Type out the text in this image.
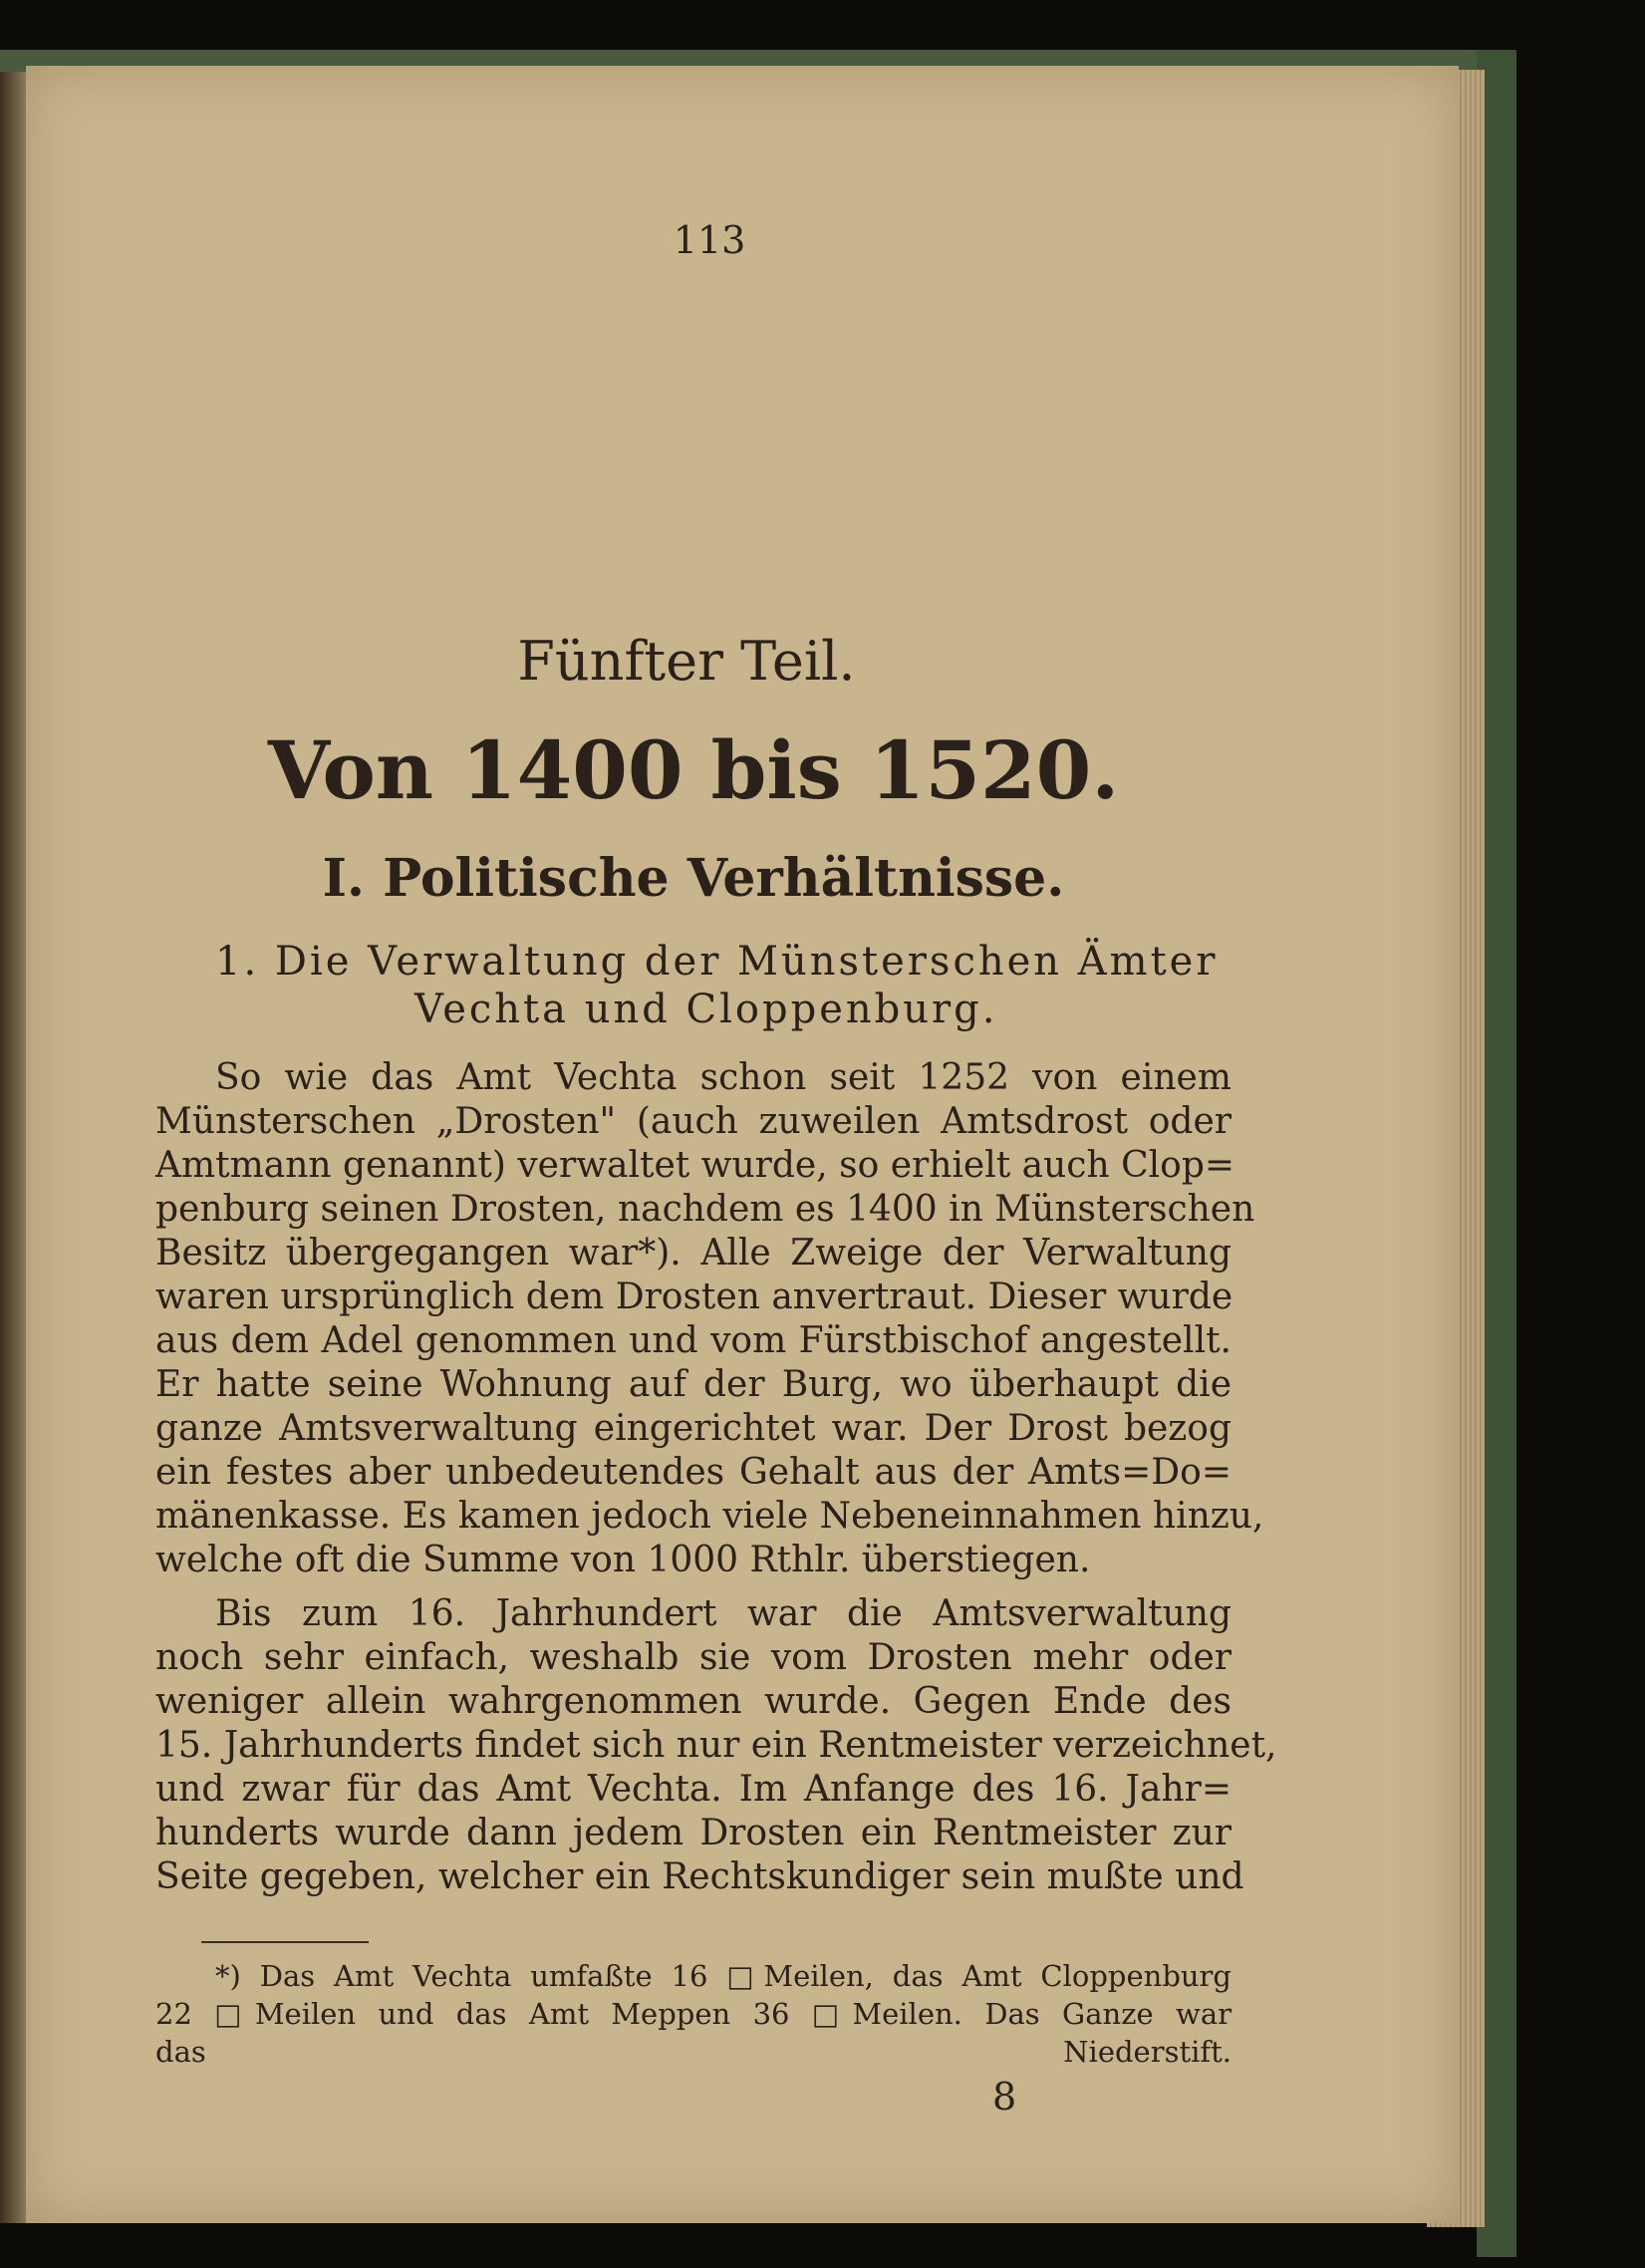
113
Fünfter Teil.
Von 1400 bis 1520.
I. Politische Verhältnisse.
1. Die Verwaltung der Münsterschen Ämter
Vechta und Cloppenburg.
So wie das Amt Vechta schon seit 1252 von einem
Münsterschen „Drosten" (auch zuweilen Amtsdrost oder
Amtmann genannt) verwaltet wurde, so erhielt auch Clop=
penburg seinen Drosten, nachdem es 1400 in Münsterschen
Besitz übergegangen war*). Alle Zweige der Verwaltung
waren ursprünglich dem Drosten anvertraut. Dieser wurde
aus dem Adel genommen und vom Fürstbischof angestellt.
Er hatte seine Wohnung auf der Burg, wo überhaupt die
ganze Amtsverwaltung eingerichtet war. Der Drost bezog
ein festes aber unbedeutendes Gehalt aus der Amts=Do=
mänenkasse. Es kamen jedoch viele Nebeneinnahmen hinzu,
welche oft die Summe von 1000 Rthlr. überstiegen.
Bis zum 16. Jahrhundert war die Amtsverwaltung
noch sehr einfach, weshalb sie vom Drosten mehr oder
weniger allein wahrgenommen wurde. Gegen Ende des
15. Jahrhunderts findet sich nur ein Rentmeister verzeichnet,
und zwar für das Amt Vechta. Im Anfange des 16. Jahr=
hunderts wurde dann jedem Drosten ein Rentmeister zur
Seite gegeben, welcher ein Rechtskundiger sein mußte und
*) Das Amt Vechta umfaßte 16 □Meilen, das Amt Cloppenburg
22 □Meilen und das Amt Meppen 36 □Meilen. Das Ganze war
das Niederstift.
8
